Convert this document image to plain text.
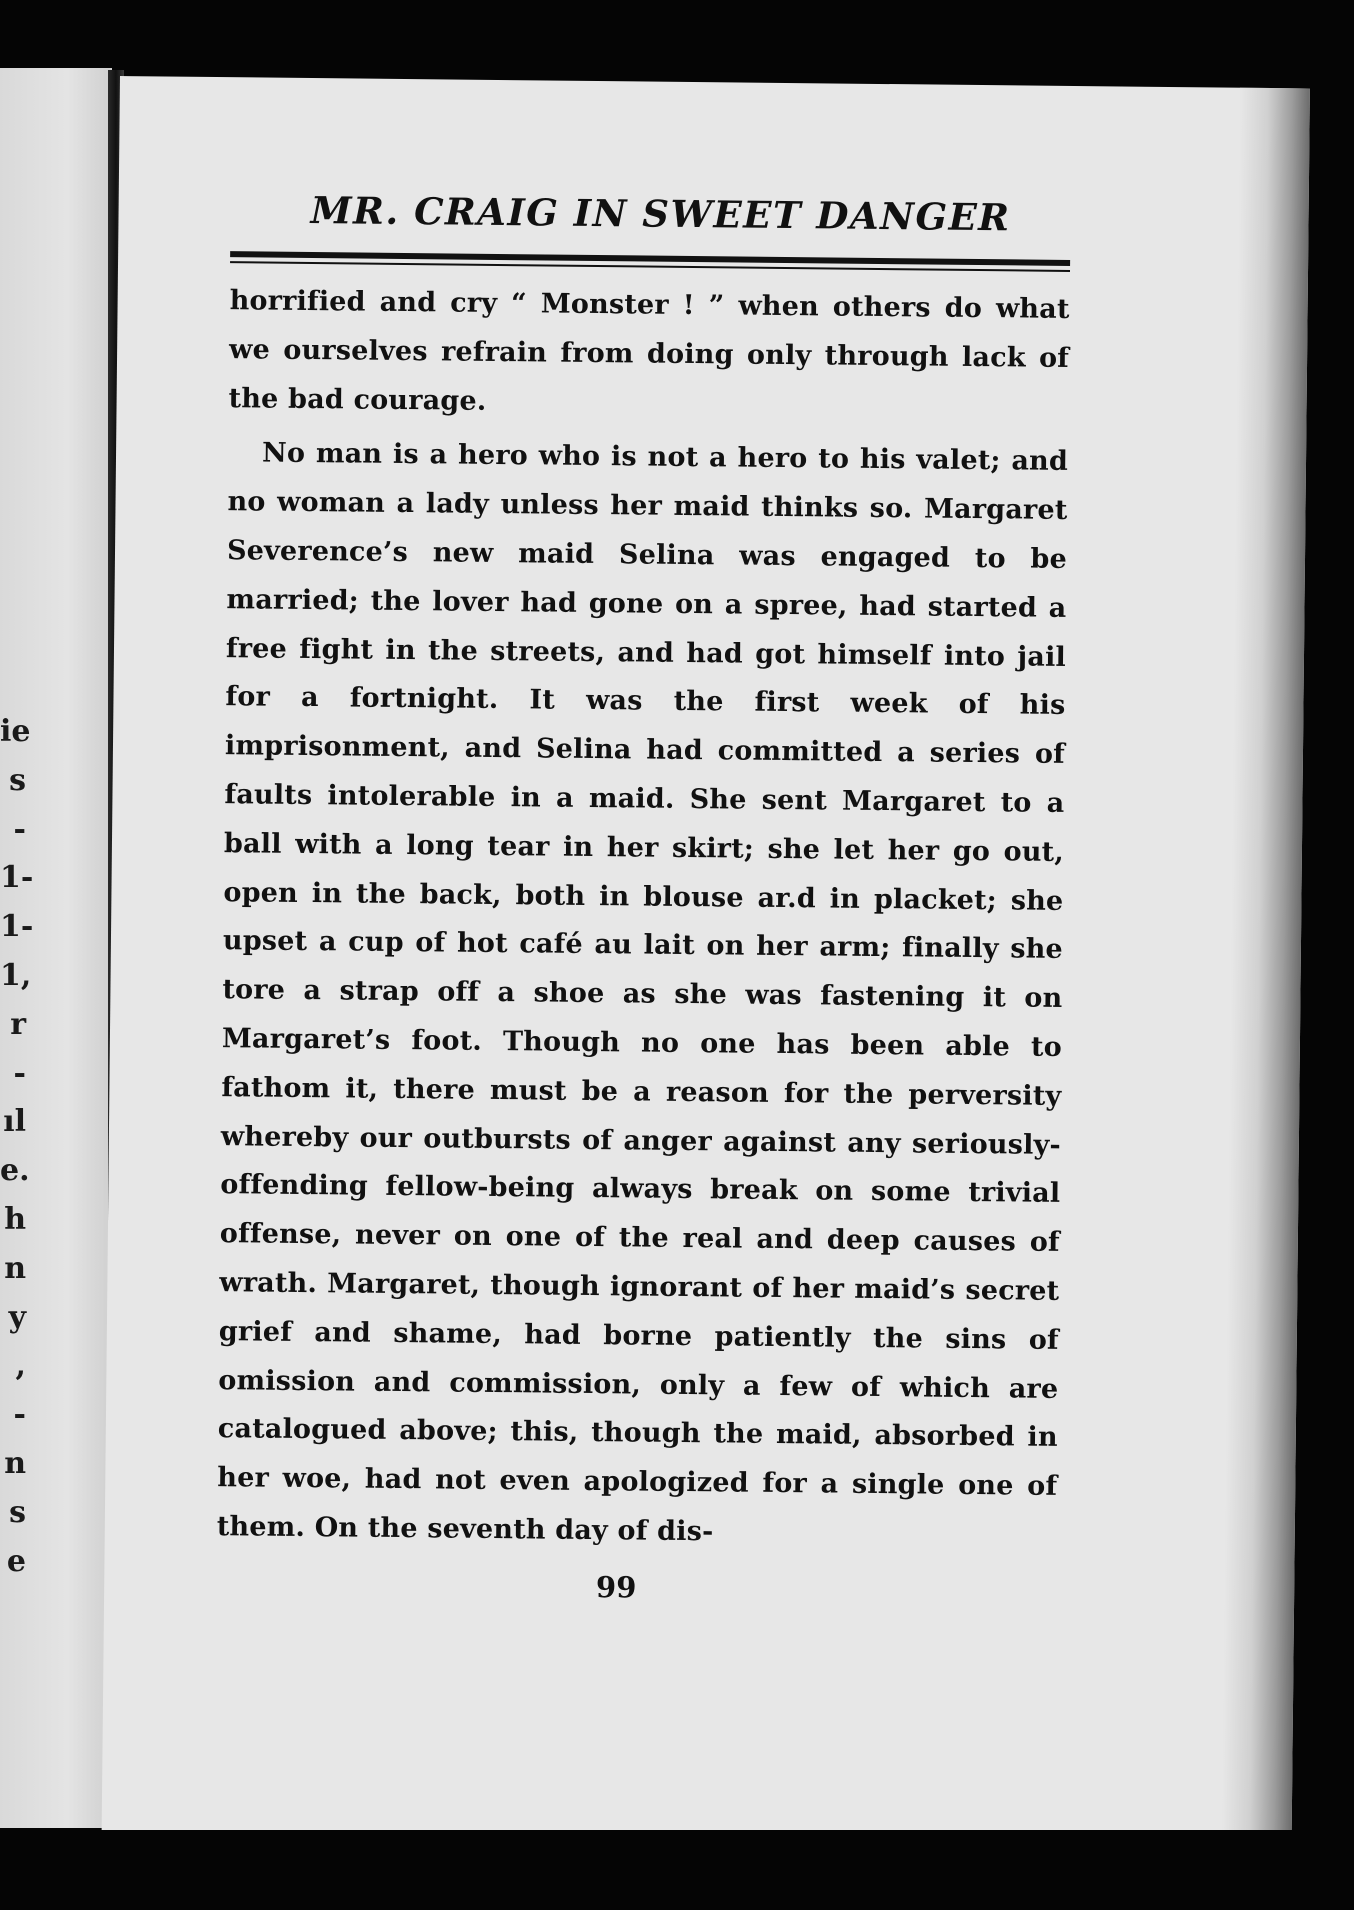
ie
s
-
1-
1-
1,
r
-
ıl
e.
h
n
y
,
-
n
s
e
MR. CRAIG IN SWEET DANGER

horrified and cry “ Monster ! ” when others do what we ourselves refrain from doing only through lack of the bad courage.

No man is a hero who is not a hero to his valet; and no woman a lady unless her maid thinks so. Margaret Severence’s new maid Selina was engaged to be married; the lover had gone on a spree, had started a free fight in the streets, and had got himself into jail for a fortnight. It was the first week of his imprisonment, and Selina had committed a series of faults intolerable in a maid. She sent Margaret to a ball with a long tear in her skirt; she let her go out, open in the back, both in blouse ar.d in placket; she upset a cup of hot café au lait on her arm; finally she tore a strap off a shoe as she was fastening it on Margaret’s foot. Though no one has been able to fathom it, there must be a reason for the perversity whereby our outbursts of anger against any seriously-offending fellow-being always break on some trivial offense, never on one of the real and deep causes of wrath. Margaret, though ignorant of her maid’s secret grief and shame, had borne patiently the sins of omission and commission, only a few of which are catalogued above; this, though the maid, absorbed in her woe, had not even apologized for a single one of them. On the seventh day of dis-

99
